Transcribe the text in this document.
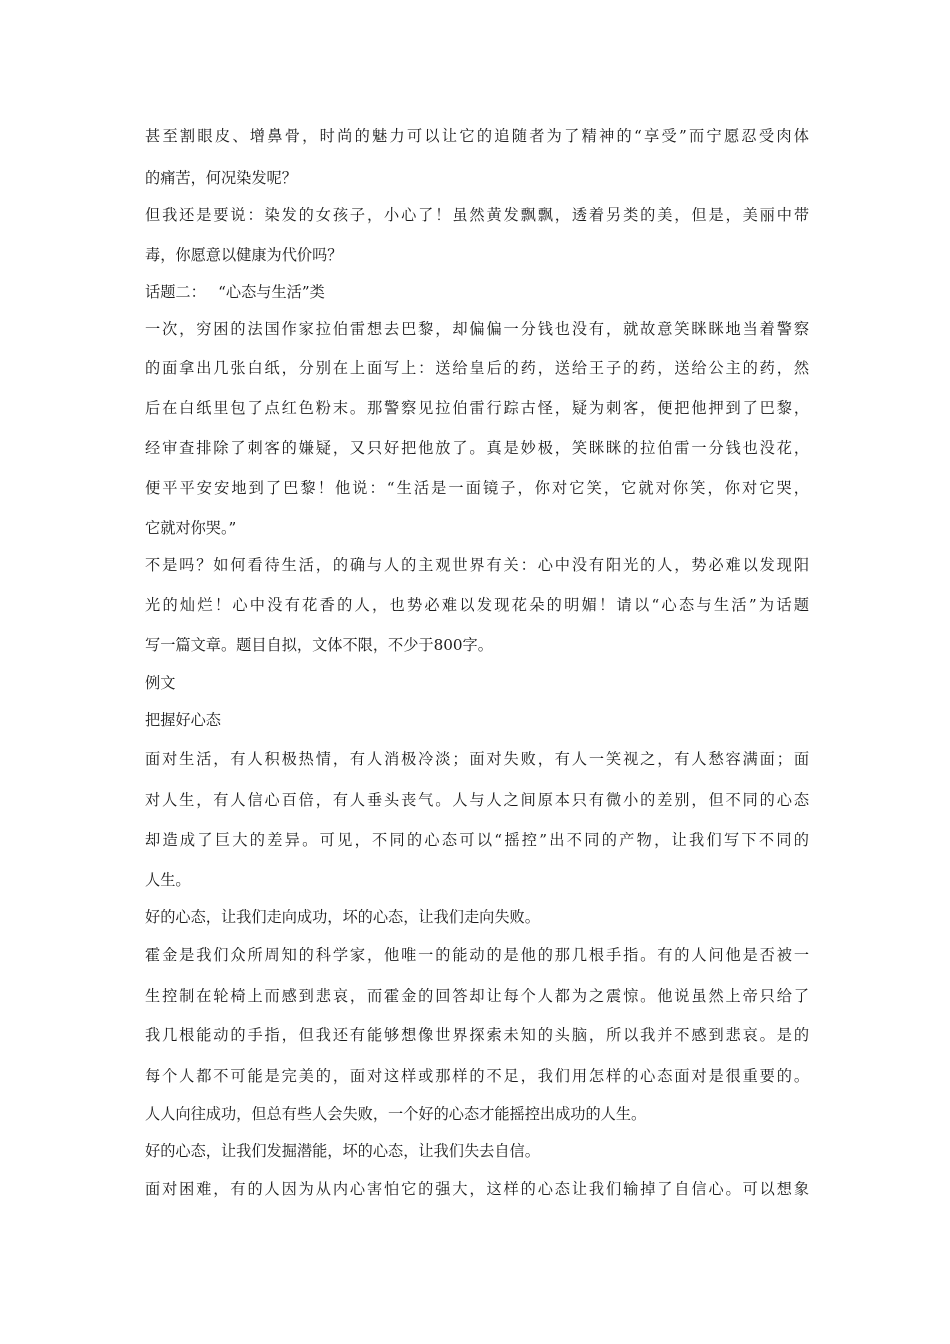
甚至割眼皮、增鼻骨，时尚的魅力可以让它的追随者为了精神的“享受”而宁愿忍受肉体
的痛苦，何况染发呢？
但我还是要说：染发的女孩子，小心了！虽然黄发飘飘，透着另类的美，但是，美丽中带
毒，你愿意以健康为代价吗？
话题二：　 “心态与生活”类
一次，穷困的法国作家拉伯雷想去巴黎，却偏偏一分钱也没有，就故意笑眯眯地当着警察
的面拿出几张白纸，分别在上面写上：送给皇后的药，送给王子的药，送给公主的药，然
后在白纸里包了点红色粉末。那警察见拉伯雷行踪古怪，疑为刺客，便把他押到了巴黎，
经审查排除了刺客的嫌疑，又只好把他放了。真是妙极，笑眯眯的拉伯雷一分钱也没花，
便平平安安地到了巴黎！他说：“生活是一面镜子，你对它笑，它就对你笑，你对它哭，
它就对你哭。”
不是吗？如何看待生活，的确与人的主观世界有关：心中没有阳光的人，势必难以发现阳
光的灿烂！心中没有花香的人，也势必难以发现花朵的明媚！请以“心态与生活”为话题
写一篇文章。题目自拟，文体不限，不少于800字。
例文
把握好心态
面对生活，有人积极热情，有人消极冷淡；面对失败，有人一笑视之，有人愁容满面；面
对人生，有人信心百倍，有人垂头丧气。人与人之间原本只有微小的差别，但不同的心态
却造成了巨大的差异。可见，不同的心态可以“摇控”出不同的产物，让我们写下不同的
人生。
好的心态，让我们走向成功，坏的心态，让我们走向失败。
霍金是我们众所周知的科学家，他唯一的能动的是他的那几根手指。有的人问他是否被一
生控制在轮椅上而感到悲哀，而霍金的回答却让每个人都为之震惊。他说虽然上帝只给了
我几根能动的手指，但我还有能够想像世界探索未知的头脑，所以我并不感到悲哀。是的
每个人都不可能是完美的，面对这样或那样的不足，我们用怎样的心态面对是很重要的。
人人向往成功，但总有些人会失败，一个好的心态才能摇控出成功的人生。
好的心态，让我们发掘潜能，坏的心态，让我们失去自信。
面对困难，有的人因为从内心害怕它的强大，这样的心态让我们输掉了自信心。可以想象
